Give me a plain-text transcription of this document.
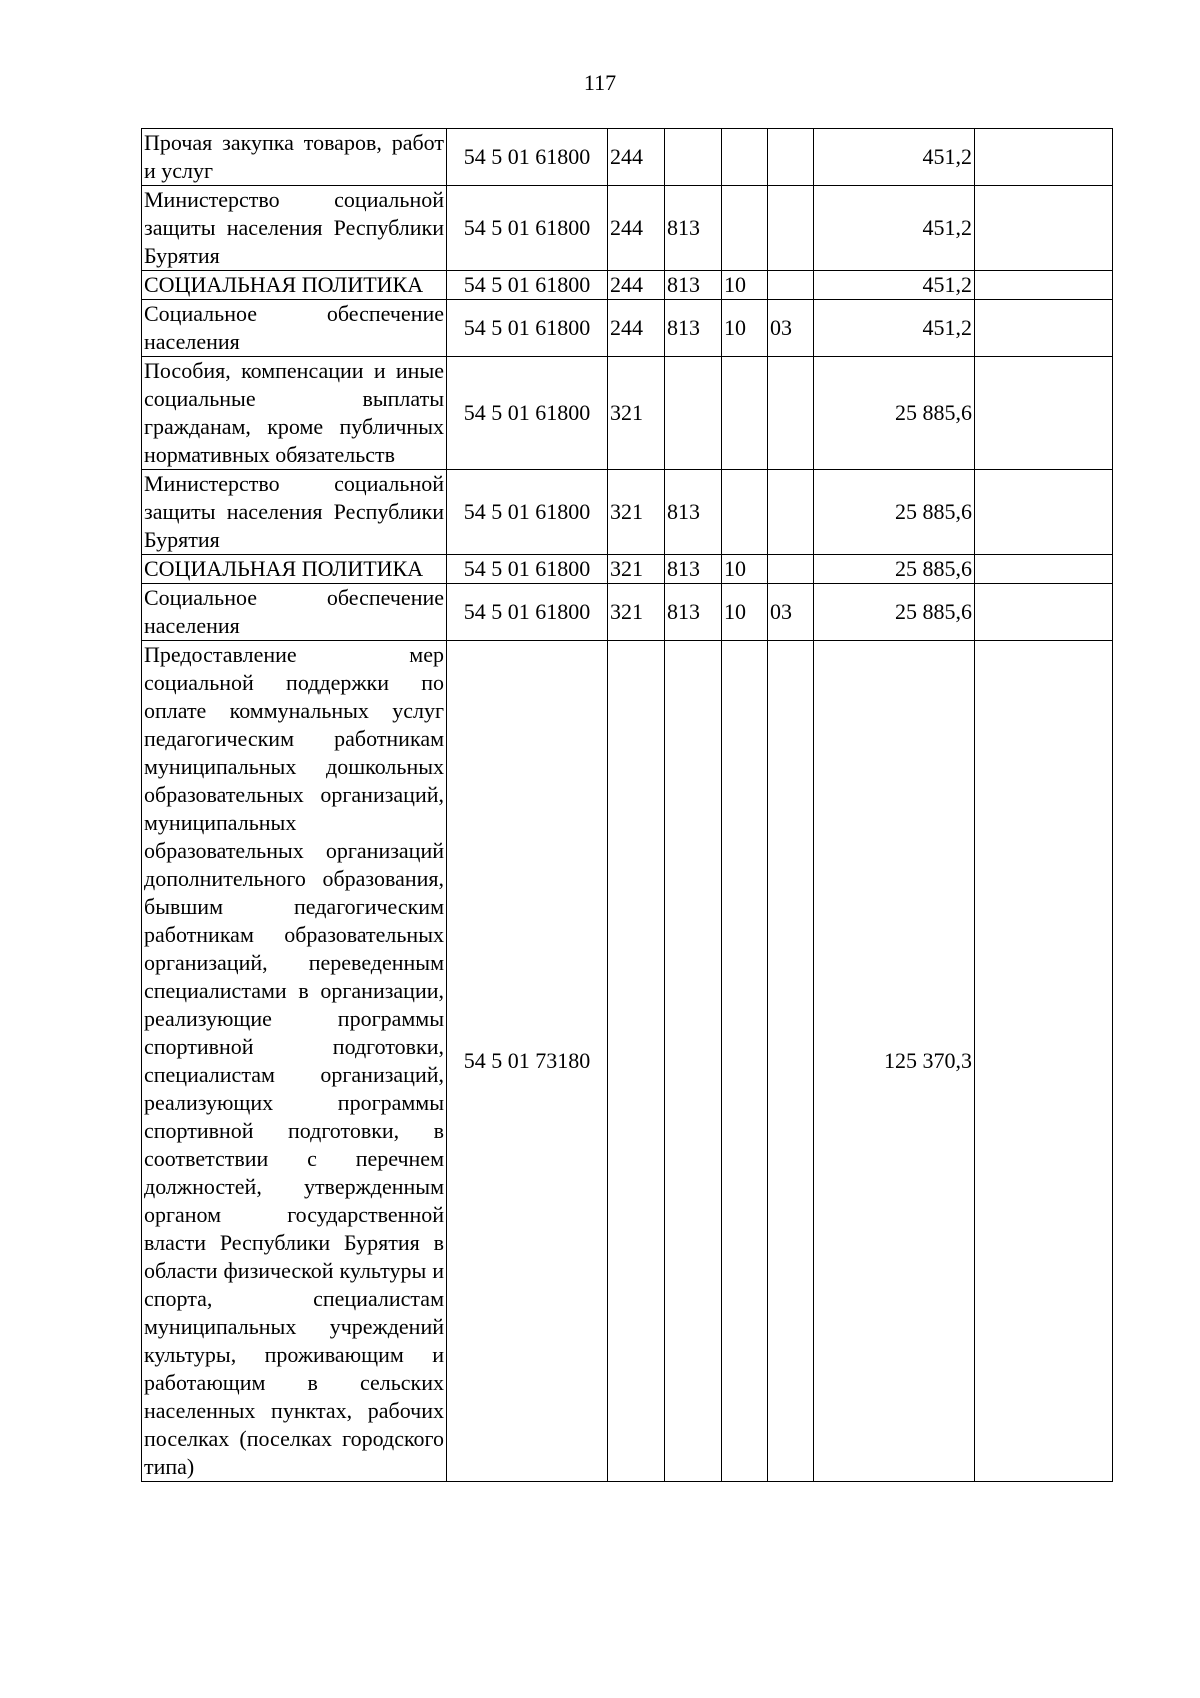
117
Прочая закупка товаров, работ и услуг	54 5 01 61800	244				451,2	
Министерство социальной защиты населения Республики Бурятия	54 5 01 61800	244	813			451,2	
СОЦИАЛЬНАЯ ПОЛИТИКА	54 5 01 61800	244	813	10		451,2	
Социальное обеспечение населения	54 5 01 61800	244	813	10	03	451,2	
Пособия, компенсации и иные социальные выплаты гражданам, кроме публичных нормативных обязательств	54 5 01 61800	321				25 885,6	
Министерство социальной защиты населения Республики Бурятия	54 5 01 61800	321	813			25 885,6	
СОЦИАЛЬНАЯ ПОЛИТИКА	54 5 01 61800	321	813	10		25 885,6	
Социальное обеспечение населения	54 5 01 61800	321	813	10	03	25 885,6	
Предоставление мер социальной поддержки по оплате коммунальных услуг педагогическим работникам муниципальных дошкольных образовательных организаций, муниципальных образовательных организаций дополнительного образования, бывшим педагогическим работникам образовательных организаций, переведенным специалистами в организации, реализующие программы спортивной подготовки, специалистам организаций, реализующих программы спортивной подготовки, в соответствии с перечнем должностей, утвержденным органом государственной власти Республики Бурятия в области физической культуры и спорта, специалистам муниципальных учреждений культуры, проживающим и работающим в сельских населенных пунктах, рабочих поселках (поселках городского типа)	54 5 01 73180					125 370,3	
